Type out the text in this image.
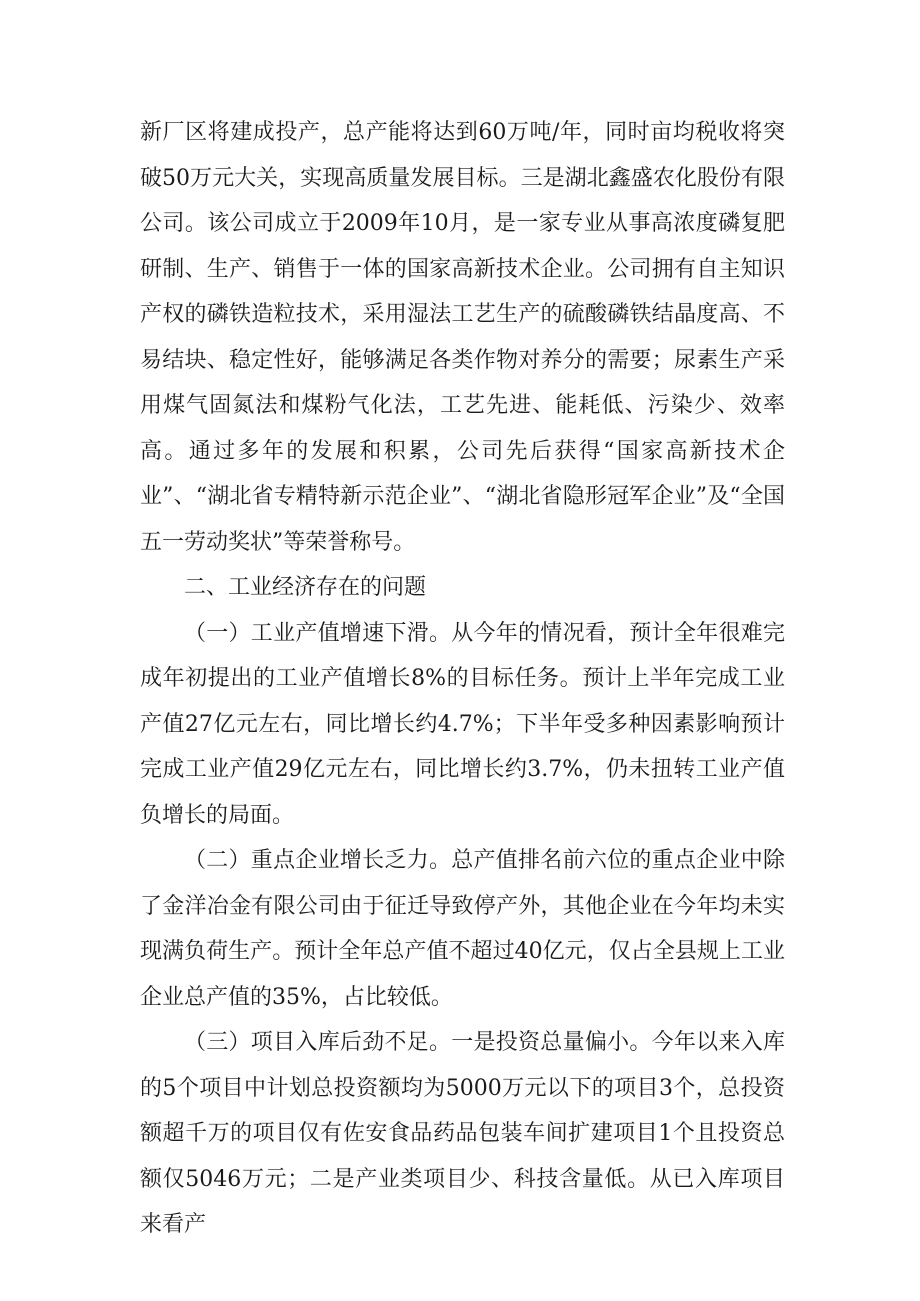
新厂区将建成投产，总产能将达到60万吨/年，同时亩均税收将突破50万元大关，实现高质量发展目标。三是湖北鑫盛农化股份有限公司。该公司成立于2009年10月，是一家专业从事高浓度磷复肥研制、生产、销售于一体的国家高新技术企业。公司拥有自主知识产权的磷铁造粒技术，采用湿法工艺生产的硫酸磷铁结晶度高、不易结块、稳定性好，能够满足各类作物对养分的需要；尿素生产采用煤气固氮法和煤粉气化法，工艺先进、能耗低、污染少、效率高。通过多年的发展和积累，公司先后获得“国家高新技术企业”、“湖北省专精特新示范企业”、“湖北省隐形冠军企业”及“全国五一劳动奖状”等荣誉称号。

二、工业经济存在的问题

（一）工业产值增速下滑。从今年的情况看，预计全年很难完成年初提出的工业产值增长8%的目标任务。预计上半年完成工业产值27亿元左右，同比增长约4.7%；下半年受多种因素影响预计完成工业产值29亿元左右，同比增长约3.7%，仍未扭转工业产值负增长的局面。

（二）重点企业增长乏力。总产值排名前六位的重点企业中除了金洋冶金有限公司由于征迁导致停产外，其他企业在今年均未实现满负荷生产。预计全年总产值不超过40亿元，仅占全县规上工业企业总产值的35%，占比较低。

（三）项目入库后劲不足。一是投资总量偏小。今年以来入库的5个项目中计划总投资额均为5000万元以下的项目3个，总投资额超千万的项目仅有佐安食品药品包装车间扩建项目1个且投资总额仅5046万元；二是产业类项目少、科技含量低。从已入库项目来看产
